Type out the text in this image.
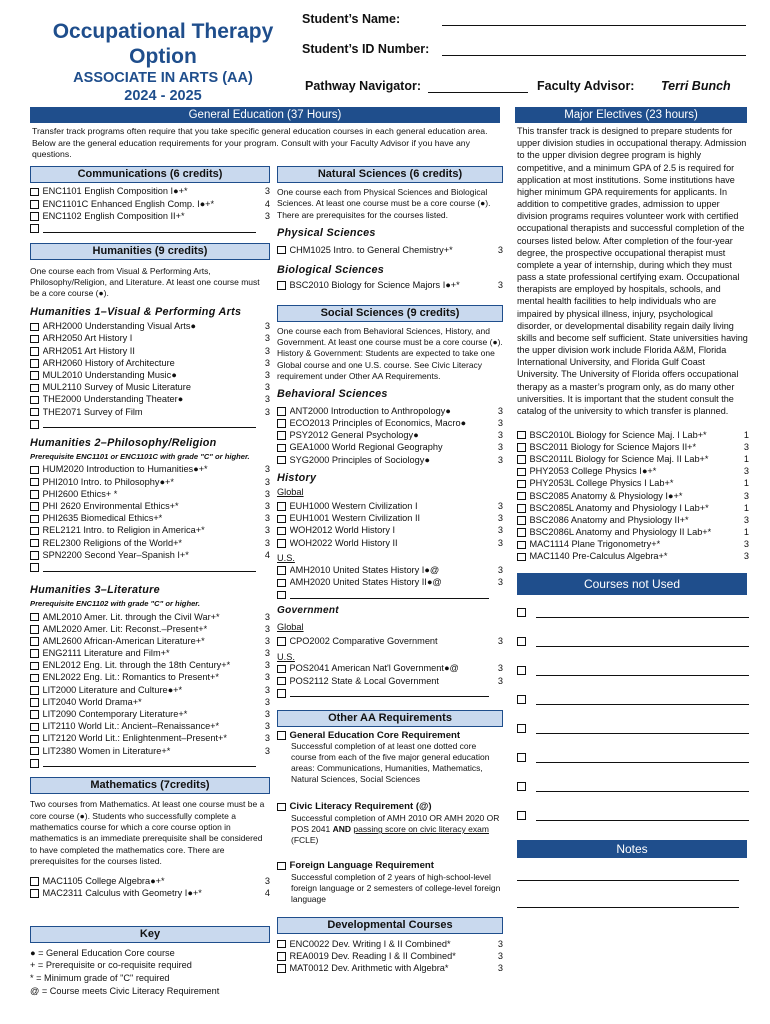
Occupational Therapy
Option
ASSOCIATE IN ARTS (AA)
2024 - 2025
Student’s Name:
Student’s ID Number:
Pathway Navigator:	Faculty Advisor: Terri Bunch
General Education (37 Hours)	Major Electives (23 hours)
Transfer track programs often require that you take specific general education courses in each general education area. Below are the general education requirements for your program. Consult with your Faculty Advisor if you have any questions.
Communications (6 credits)
ENC1101 English Composition I●+*	3
ENC1101C Enhanced English Comp. I●+*	4
ENC1102 English Composition II+*	3
Humanities (9 credits)
One course each from Visual & Performing Arts, Philosophy/Religion, and Literature. At least one course must be a core course (●).
Humanities 1–Visual & Performing Arts
ARH2000 Understanding Visual Arts●	3
ARH2050 Art History I	3
ARH2051 Art History II	3
ARH2060 History of Architecture	3
MUL2010 Understanding Music●	3
MUL2110 Survey of Music Literature	3
THE2000 Understanding Theater●	3
THE2071 Survey of Film	3
Humanities 2–Philosophy/Religion
Prerequisite ENC1101 or ENC1101C with grade "C" or higher.
HUM2020 Introduction to Humanities●+*	3
PHI2010 Intro. to Philosophy●+*	3
PHI2600 Ethics+ *	3
PHI 2620 Environmental Ethics+*	3
PHI2635 Biomedical Ethics+*	3
REL2121 Intro. to Religion in America+*	3
REL2300 Religions of the World+*	3
SPN2200 Second Year–Spanish I+*	4
Humanities 3–Literature
Prerequisite ENC1102 with grade "C" or higher.
AML2010 Amer. Lit. through the Civil War+*	3
AML2020 Amer. Lit: Reconst.–Present+*	3
AML2600 African-American Literature+*	3
ENG2111 Literature and Film+*	3
ENL2012 Eng. Lit. through the 18th Century+*	3
ENL2022 Eng. Lit.: Romantics to Present+*	3
LIT2000 Literature and Culture●+*	3
LIT2040 World Drama+*	3
LIT2090 Contemporary Literature+*	3
LIT2110 World Lit.: Ancient–Renaissance+*	3
LIT2120 World Lit.: Enlightenment–Present+*	3
LIT2380 Women in Literature+*	3
Mathematics (7credits)
Two courses from Mathematics. At least one course must be a core course (●). Students who successfully complete a mathematics course for which a core course option in mathematics is an immediate prerequisite shall be considered to have completed the mathematics core. There are prerequisites for the courses listed.
MAC1105 College Algebra●+*	3
MAC2311 Calculus with Geometry I●+*	4
Key
● = General Education Core course
+ = Prerequisite or co-requisite required
* = Minimum grade of "C" required
@ = Course meets Civic Literacy Requirement
Natural Sciences (6 credits)
One course each from Physical Sciences and Biological Sciences. At least one course must be a core course (●). There are prerequisites for the courses listed.
Physical Sciences
CHM1025 Intro. to General Chemistry+*	3
Biological Sciences
BSC2010 Biology for Science Majors I●+*	3
Social Sciences (9 credits)
One course each from Behavioral Sciences, History, and Government. At least one course must be a core course (●). History & Government: Students are expected to take one Global course and one U.S. course. See Civic Literacy requirement under Other AA Requirements.
Behavioral Sciences
ANT2000 Introduction to Anthropology●	3
ECO2013 Principles of Economics, Macro●	3
PSY2012 General Psychology●	3
GEA1000 World Regional Geography	3
SYG2000 Principles of Sociology●	3
History
Global
EUH1000 Western Civilization I	3
EUH1001 Western Civilization II	3
WOH2012 World History I	3
WOH2022 World History II	3
U.S.
AMH2010 United States History I●@	3
AMH2020 United States History II●@	3
Government
Global
CPO2002 Comparative Government	3
U.S.
POS2041 American Nat'l Government●@	3
POS2112 State & Local Government	3
Other AA Requirements
General Education Core Requirement
Successful completion of at least one dotted core course from each of the five major general education areas: Communications, Humanities, Mathematics, Natural Sciences, Social Sciences
Civic Literacy Requirement (@)
Successful completion of AMH 2010 OR AMH 2020 OR POS 2041 AND passing score on civic literacy exam (FCLE)
Foreign Language Requirement
Successful completion of 2 years of high-school-level foreign language or 2 semesters of college-level foreign language
Developmental Courses
ENC0022 Dev. Writing I & II Combined*	3
REA0019 Dev. Reading I & II Combined*	3
MAT0012 Dev. Arithmetic with Algebra*	3
This transfer track is designed to prepare students for upper division studies in occupational therapy. Admission to the upper division degree program is highly competitive, and a minimum GPA of 2.5 is required for application at most institutions. Some institutions have higher minimum GPA requirements for applicants. In addition to competitive grades, admission to upper division programs requires volunteer work with certified occupational therapists and successful completion of the courses listed below. After completion of the four-year degree, the prospective occupational therapist must complete a year of internship, during which they must pass a state professional certifying exam. Occupational therapists are employed by hospitals, schools, and mental health facilities to help individuals who are impaired by physical illness, injury, psychological disorder, or developmental disability regain daily living skills and become self sufficient. State universities having the upper division work include Florida A&M, Florida International University, and Florida Gulf Coast University. The University of Florida offers occupational therapy as a master’s program only, as do many other universities. It is important that the student consult the catalog of the university to which transfer is planned.
BSC2010L Biology for Science Maj. I Lab+*	1
BSC2011 Biology for Science Majors II+*	3
BSC2011L Biology for Science Maj. II Lab+*	1
PHY2053 College Physics I●+*	3
PHY2053L College Physics I Lab+*	1
BSC2085 Anatomy & Physiology I●+*	3
BSC2085L Anatomy and Physiology I Lab+*	1
BSC2086 Anatomy and Physiology II+*	3
BSC2086L Anatomy and Physiology II Lab+*	1
MAC1114 Plane Trigonometry+*	3
MAC1140 Pre-Calculus Algebra+*	3
Courses not Used
Notes
